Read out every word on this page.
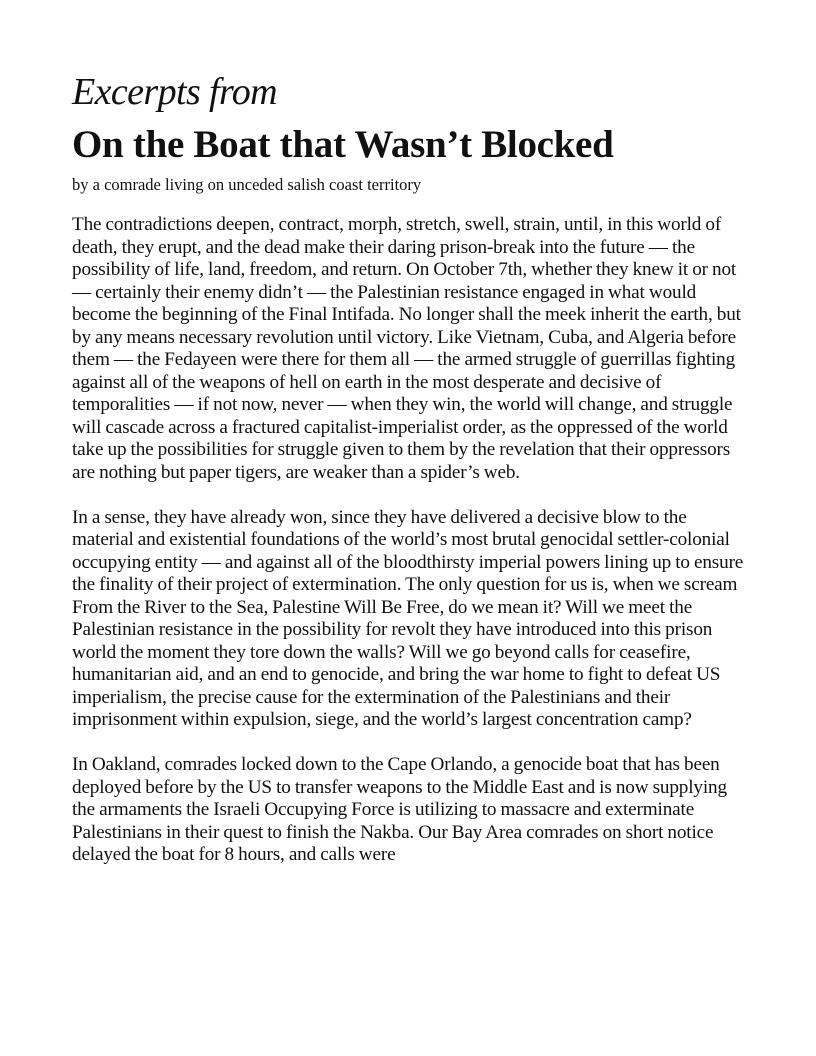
Excerpts from
On the Boat that Wasn’t Blocked

by a comrade living on unceded salish coast territory

The contradictions deepen, contract, morph, stretch, swell, strain, until, in this world of death, they erupt, and the dead make their daring prison-break into the future — the possibility of life, land, freedom, and return. On October 7th, whether they knew it or not — certainly their enemy didn’t — the Palestinian resistance engaged in what would become the beginning of the Final Intifada. No longer shall the meek inherit the earth, but by any means necessary revolution until victory. Like Vietnam, Cuba, and Algeria before them — the Fedayeen were there for them all — the armed struggle of guerrillas fighting against all of the weapons of hell on earth in the most desperate and decisive of temporalities — if not now, never — when they win, the world will change, and struggle will cascade across a fractured capitalist-imperialist order, as the oppressed of the world take up the possibilities for struggle given to them by the revelation that their oppressors are nothing but paper tigers, are weaker than a spider’s web.

In a sense, they have already won, since they have delivered a decisive blow to the material and existential foundations of the world’s most brutal genocidal settler-colonial occupying entity — and against all of the bloodthirsty imperial powers lining up to ensure the finality of their project of extermination. The only question for us is, when we scream From the River to the Sea, Palestine Will Be Free, do we mean it? Will we meet the Palestinian resistance in the possibility for revolt they have introduced into this prison world the moment they tore down the walls? Will we go beyond calls for ceasefire, humanitarian aid, and an end to genocide, and bring the war home to fight to defeat US imperialism, the precise cause for the extermination of the Palestinians and their imprisonment within expulsion, siege, and the world’s largest concentration camp?

In Oakland, comrades locked down to the Cape Orlando, a genocide boat that has been deployed before by the US to transfer weapons to the Middle East and is now supplying the armaments the Israeli Occupying Force is utilizing to massacre and exterminate Palestinians in their quest to finish the Nakba. Our Bay Area comrades on short notice delayed the boat for 8 hours, and calls were
